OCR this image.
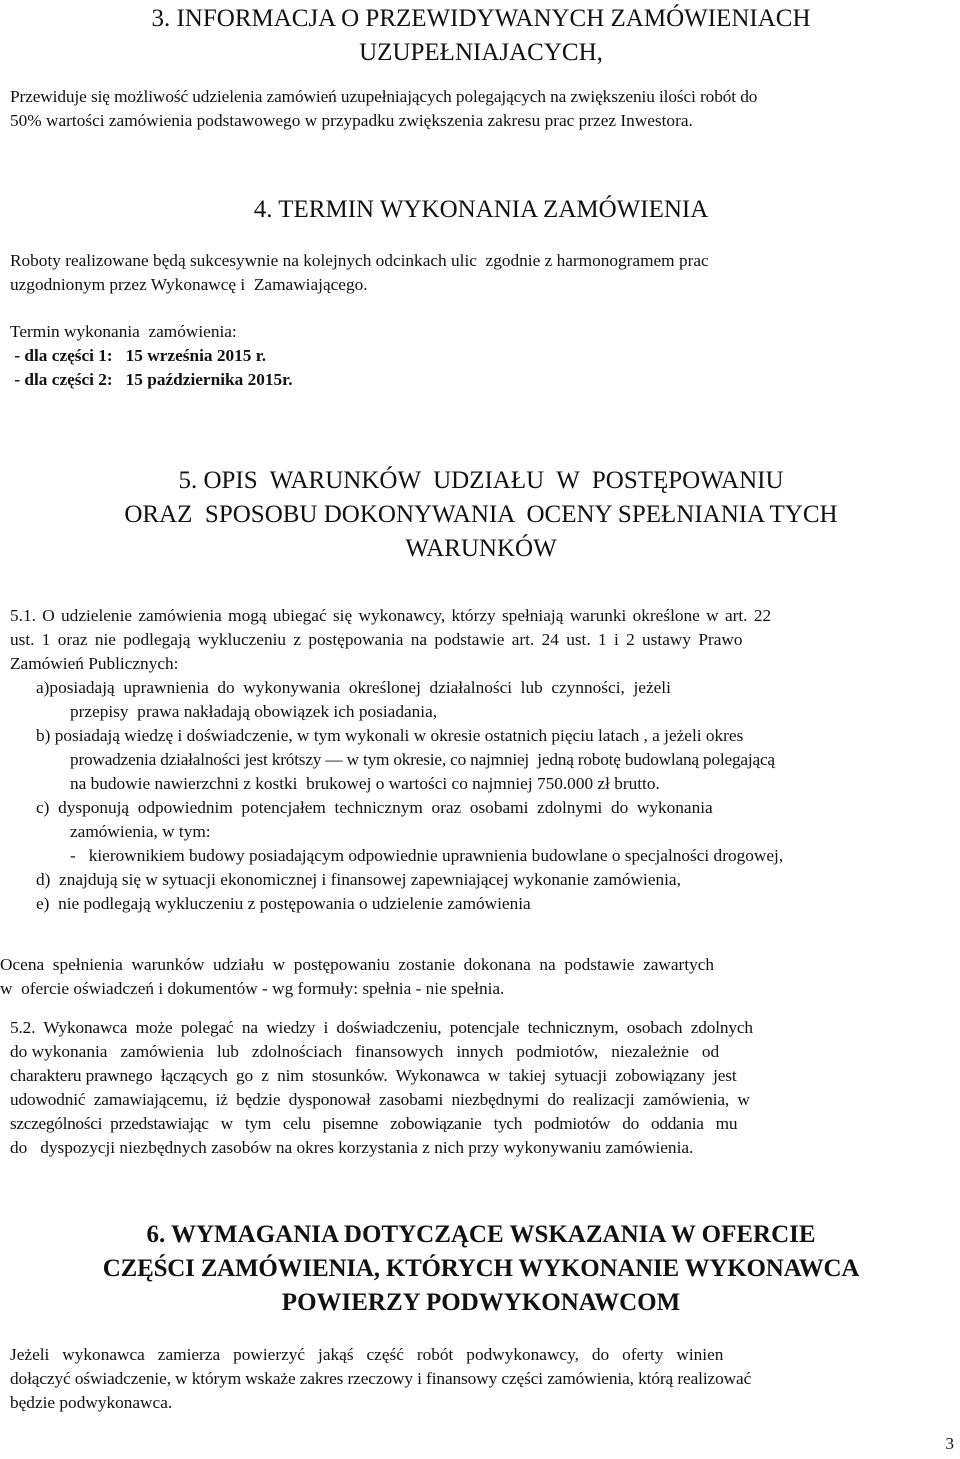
3. INFORMACJA O PRZEWIDYWANYCH ZAMÓWIENIACH
UZUPEŁNIAJACYCH,

Przewiduje się możliwość udzielenia zamówień uzupełniających polegających na zwiększeniu ilości robót do

50% wartości zamówienia podstawowego w przypadku zwiększenia zakresu prac przez Inwestora.

4. TERMIN WYKONANIA ZAMÓWIENIA

Roboty realizowane będą sukcesywnie na kolejnych odcinkach ulic  zgodnie z harmonogramem prac

uzgodnionym przez Wykonawcę i  Zamawiającego.

Termin wykonania  zamówienia:

- dla części 1:   15 września 2015 r.

- dla części 2:   15 października 2015r.

5. OPIS  WARUNKÓW  UDZIAŁU  W  POSTĘPOWANIU
ORAZ  SPOSOBU DOKONYWANIA  OCENY SPEŁNIANIA TYCH
WARUNKÓW

5.1. O udzielenie zamówienia mogą ubiegać się wykonawcy, którzy spełniają warunki określone w art. 22

ust. 1 oraz nie podlegają wykluczeniu z postępowania na podstawie art. 24 ust. 1 i 2 ustawy Prawo

Zamówień Publicznych:

a)posiadają  uprawnienia  do  wykonywania  określonej  działalności  lub  czynności,  jeżeli
przepisy  prawa nakładają obowiązek ich posiadania,
b) posiadają wiedzę i doświadczenie, w tym wykonali w okresie ostatnich pięciu latach , a jeżeli okres
prowadzenia działalności jest krótszy — w tym okresie, co najmniej  jedną robotę budowlaną polegającą
na budowie nawierzchni z kostki  brukowej o wartości co najmniej 750.000 zł brutto.
c)  dysponują  odpowiednim  potencjałem  technicznym  oraz  osobami  zdolnymi  do  wykonania
zamówienia, w tym:
-   kierownikiem budowy posiadającym odpowiednie uprawnienia budowlane o specjalności drogowej,
d)  znajdują się w sytuacji ekonomicznej i finansowej zapewniającej wykonanie zamówienia,
e)  nie podlegają wykluczeniu z postępowania o udzielenie zamówienia

Ocena  spełnienia  warunków  udziału  w  postępowaniu  zostanie  dokonana  na  podstawie  zawartych

w  ofercie oświadczeń i dokumentów - wg formuły: spełnia - nie spełnia.

5.2.  Wykonawca  może  polegać  na  wiedzy  i  doświadczeniu,  potencjale  technicznym,  osobach  zdolnych

do wykonania   zamówienia   lub   zdolnościach   finansowych   innych   podmiotów,   niezależnie   od

charakteru prawnego  łączących  go  z  nim  stosunków.  Wykonawca  w  takiej  sytuacji  zobowiązany  jest

udowodnić  zamawiającemu,  iż  będzie  dysponował  zasobami  niezbędnymi  do  realizacji  zamówienia,  w

szczególności  przedstawiając   w   tym   celu   pisemne   zobowiązanie   tych   podmiotów   do   oddania   mu

do   dyspozycji niezbędnych zasobów na okres korzystania z nich przy wykonywaniu zamówienia.

6. WYMAGANIA DOTYCZĄCE WSKAZANIA W OFERCIE
CZĘŚCI ZAMÓWIENIA, KTÓRYCH WYKONANIE WYKONAWCA
POWIERZY PODWYKONAWCOM

Jeżeli   wykonawca   zamierza   powierzyć   jakąś   część   robót   podwykonawcy,   do   oferty   winien

dołączyć oświadczenie, w którym wskaże zakres rzeczowy i finansowy części zamówienia, którą realizować

będzie podwykonawca.

3
